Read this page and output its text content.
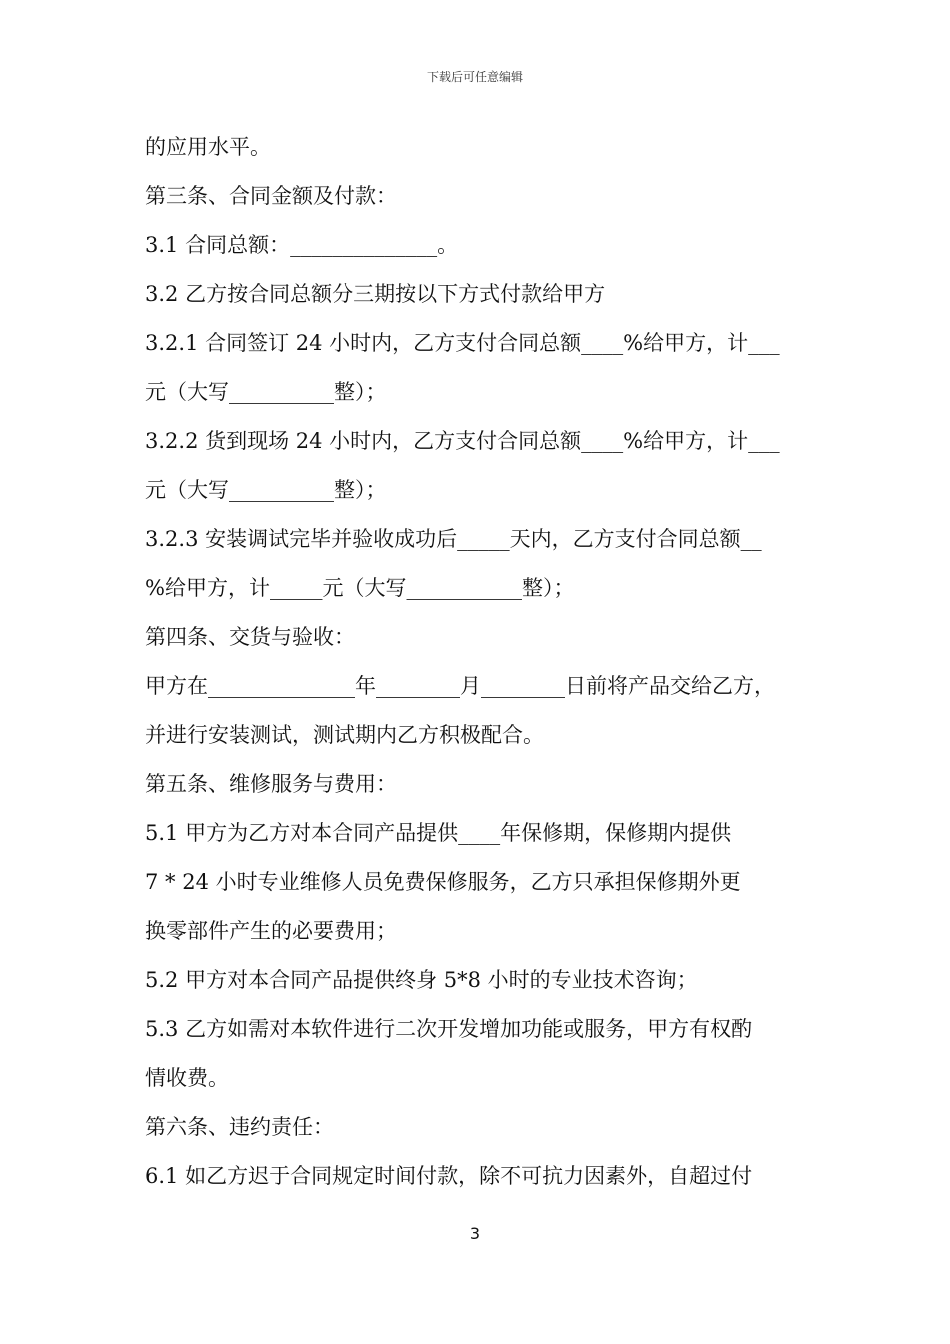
下载后可任意编辑
的应用水平。
第三条、合同金额及付款：
3.1 合同总额：______________。
3.2 乙方按合同总额分三期按以下方式付款给甲方
3.2.1 合同签订 24 小时内，乙方支付合同总额____%给甲方，计___
元（大写__________整）；
3.2.2 货到现场 24 小时内，乙方支付合同总额____%给甲方，计___
元（大写__________整）；
3.2.3 安装调试完毕并验收成功后_____天内，乙方支付合同总额__
%给甲方，计_____元（大写___________整）；
第四条、交货与验收：
甲方在______________年________月________日前将产品交给乙方，
并进行安装测试，测试期内乙方积极配合。
第五条、维修服务与费用：
5.1 甲方为乙方对本合同产品提供____年保修期，保修期内提供
7 * 24 小时专业维修人员免费保修服务，乙方只承担保修期外更
换零部件产生的必要费用；
5.2 甲方对本合同产品提供终身 5*8 小时的专业技术咨询；
5.3 乙方如需对本软件进行二次开发增加功能或服务，甲方有权酌
情收费。
第六条、违约责任：
6.1 如乙方迟于合同规定时间付款，除不可抗力因素外，自超过付
3
